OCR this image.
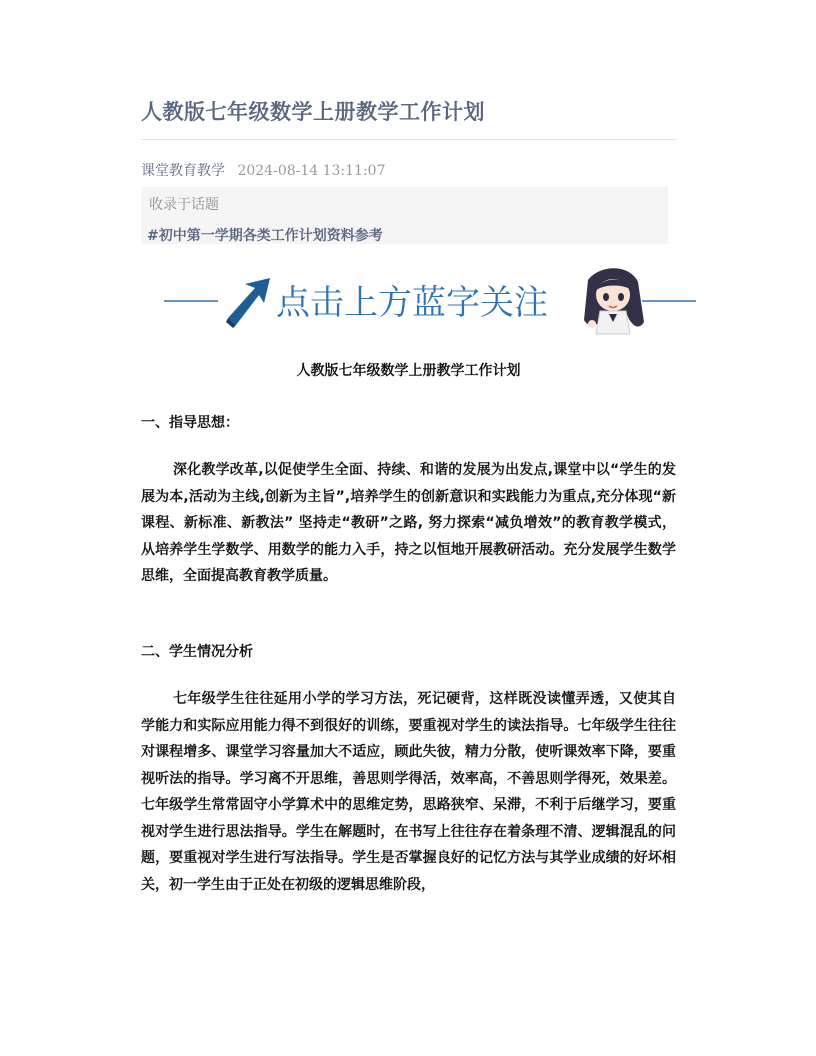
人教版七年级数学上册教学工作计划
课堂教育教学 2024-08-14 13:11:07
收录于话题
#初中第一学期各类工作计划资料参考
点击上方蓝字关注
人教版七年级数学上册教学工作计划
一、指导思想：

深化教学改革,以促使学生全面、持续、和谐的发展为出发点,课堂中以“学生的发展为本,活动为主线,创新为主旨”,培养学生的创新意识和实践能力为重点,充分体现“新课程、新标准、新教法” 坚持走“教研”之路, 努力探索“减负增效”的教育教学模式，从培养学生学数学、用数学的能力入手，持之以恒地开展教研活动。充分发展学生数学思维，全面提高教育教学质量。

二、学生情况分析

七年级学生往往延用小学的学习方法，死记硬背，这样既没读懂弄透，又使其自学能力和实际应用能力得不到很好的训练，要重视对学生的读法指导。七年级学生往往对课程增多、课堂学习容量加大不适应，顾此失彼，精力分散，使听课效率下降，要重视听法的指导。学习离不开思维，善思则学得活，效率高，不善思则学得死，效果差。七年级学生常常固守小学算术中的思维定势，思路狭窄、呆滞，不利于后继学习，要重视对学生进行思法指导。学生在解题时，在书写上往往存在着条理不清、逻辑混乱的问题，要重视对学生进行写法指导。学生是否掌握良好的记忆方法与其学业成绩的好坏相关，初一学生由于正处在初级的逻辑思维阶段，
